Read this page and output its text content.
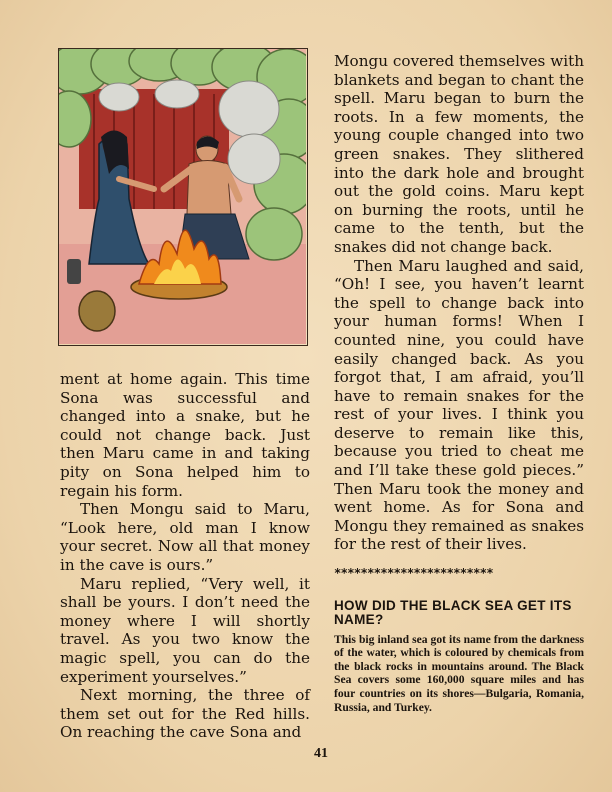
ment at home again. This time Sona was successful and changed into a snake, but he could not change back. Just then Maru came in and taking pity on Sona helped him to regain his form.

Then Mongu said to Maru, “Look here, old man I know your secret. Now all that money in the cave is ours.”

Maru replied, “Very well, it shall be yours. I don’t need the money where I will shortly travel. As you two know the magic spell, you can do the experiment yourselves.”

Next morning, the three of them set out for the Red hills. On reaching the cave Sona and

Mongu covered themselves with blankets and began to chant the spell. Maru began to burn the roots. In a few moments, the young couple changed into two green snakes. They slithered into the dark hole and brought out the gold coins. Maru kept on burning the roots, until he came to the tenth, but the snakes did not change back.

Then Maru laughed and said, “Oh! I see, you haven’t learnt the spell to change back into your human forms! When I counted nine, you could have easily changed back. As you forgot that, I am afraid, you’ll have to remain snakes for the rest of your lives. I think you deserve to remain like this, because you tried to cheat me and I’ll take these gold pieces.” Then Maru took the money and went home. As for Sona and Mongu they remained as snakes for the rest of their lives.

************************
HOW DID THE BLACK SEA GET ITS NAME?
This big inland sea got its name from the darkness of the water, which is coloured by chemicals from the black rocks in mountains around. The Black Sea covers some 160,000 square miles and has four countries on its shores—Bulgaria, Romania, Russia, and Turkey.
41
